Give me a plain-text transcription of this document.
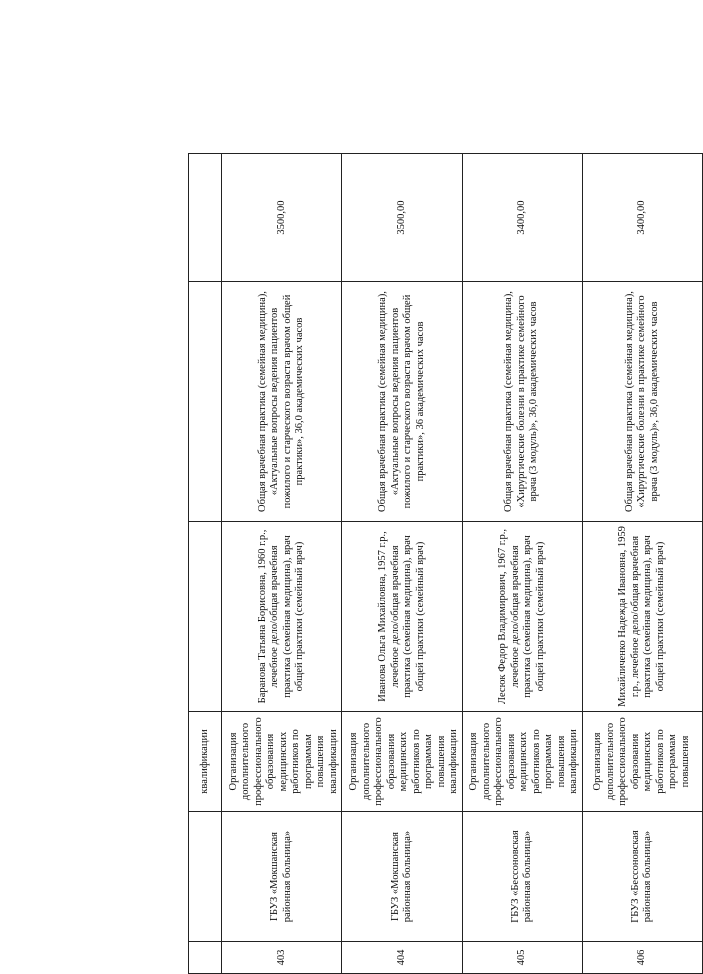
		квалификации			
403	ГБУЗ «Мокшанская районная больница»	Организация дополнительного профессионального образования медицинских работников по программам повышения квалификации	Баранова Татьяна Борисовна, 1960 г.р., лечебное дело/общая врачебная практика (семейная медицина), врач общей практики (семейный врач)	Общая врачебная практика (семейная медицина), «Актуальные вопросы ведения пациентов пожилого и старческого возраста врачом общей практики», 36,0 академических часов	3500,00
404	ГБУЗ «Мокшанская районная больница»	Организация дополнительного профессионального образования медицинских работников по программам повышения квалификации	Иванова Ольга Михайловна, 1957 г.р., лечебное дело/общая врачебная практика (семейная медицина), врач общей практики (семейный врач)	Общая врачебная практика (семейная медицина), «Актуальные вопросы ведения пациентов пожилого и старческого возраста врачом общей практики», 36 академических часов	3500,00
405	ГБУЗ «Бессоновская районная больница»	Организация дополнительного профессионального образования медицинских работников по программам повышения квалификации	Лесюк Федор Владимирович, 1967 г.р., лечебное дело/общая врачебная практика (семейная медицина), врач общей практики (семейный врач)	Общая врачебная практика (семейная медицина), «Хирургические болезни в практике семейного врача (3 модуль)», 36,0 академических часов	3400,00
406	ГБУЗ «Бессоновская районная больница»	Организация дополнительного профессионального образования медицинских работников по программам повышения	Михайличенко Надежда Ивановна, 1959 г.р., лечебное дело/общая врачебная практика (семейная медицина), врач общей практики (семейный врач)	Общая врачебная практика (семейная медицина), «Хирургические болезни в практике семейного врача (3 модуль)», 36,0 академических часов	3400,00
